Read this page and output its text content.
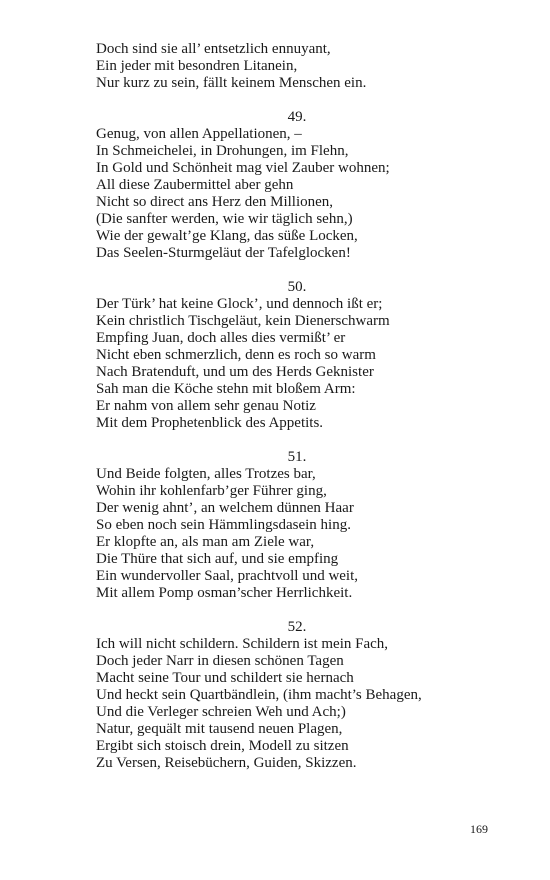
Doch sind sie all’ entsetzlich ennuyant,
Ein jeder mit besondren Litanein,
Nur kurz zu sein, fällt keinem Menschen ein.
49.
Genug, von allen Appellationen, –
In Schmeichelei, in Drohungen, im Flehn,
In Gold und Schönheit mag viel Zauber wohnen;
All diese Zaubermittel aber gehn
Nicht so direct ans Herz den Millionen,
(Die sanfter werden, wie wir täglich sehn,)
Wie der gewalt’ge Klang, das süße Locken,
Das Seelen-Sturmgeläut der Tafelglocken!
50.
Der Türk’ hat keine Glock’, und dennoch ißt er;
Kein christlich Tischgeläut, kein Dienerschwarm
Empfing Juan, doch alles dies vermißt’ er
Nicht eben schmerzlich, denn es roch so warm
Nach Bratenduft, und um des Herds Geknister
Sah man die Köche stehn mit bloßem Arm:
Er nahm von allem sehr genau Notiz
Mit dem Prophetenblick des Appetits.
51.
Und Beide folgten, alles Trotzes bar,
Wohin ihr kohlenfarb’ger Führer ging,
Der wenig ahnt’, an welchem dünnen Haar
So eben noch sein Hämmlingsdasein hing.
Er klopfte an, als man am Ziele war,
Die Thüre that sich auf, und sie empfing
Ein wundervoller Saal, prachtvoll und weit,
Mit allem Pomp osman’scher Herrlichkeit.
52.
Ich will nicht schildern. Schildern ist mein Fach,
Doch jeder Narr in diesen schönen Tagen
Macht seine Tour und schildert sie hernach
Und heckt sein Quartbändlein, (ihm macht’s Behagen,
Und die Verleger schreien Weh und Ach;)
Natur, gequält mit tausend neuen Plagen,
Ergibt sich stoisch drein, Modell zu sitzen
Zu Versen, Reisebüchern, Guiden, Skizzen.
169
